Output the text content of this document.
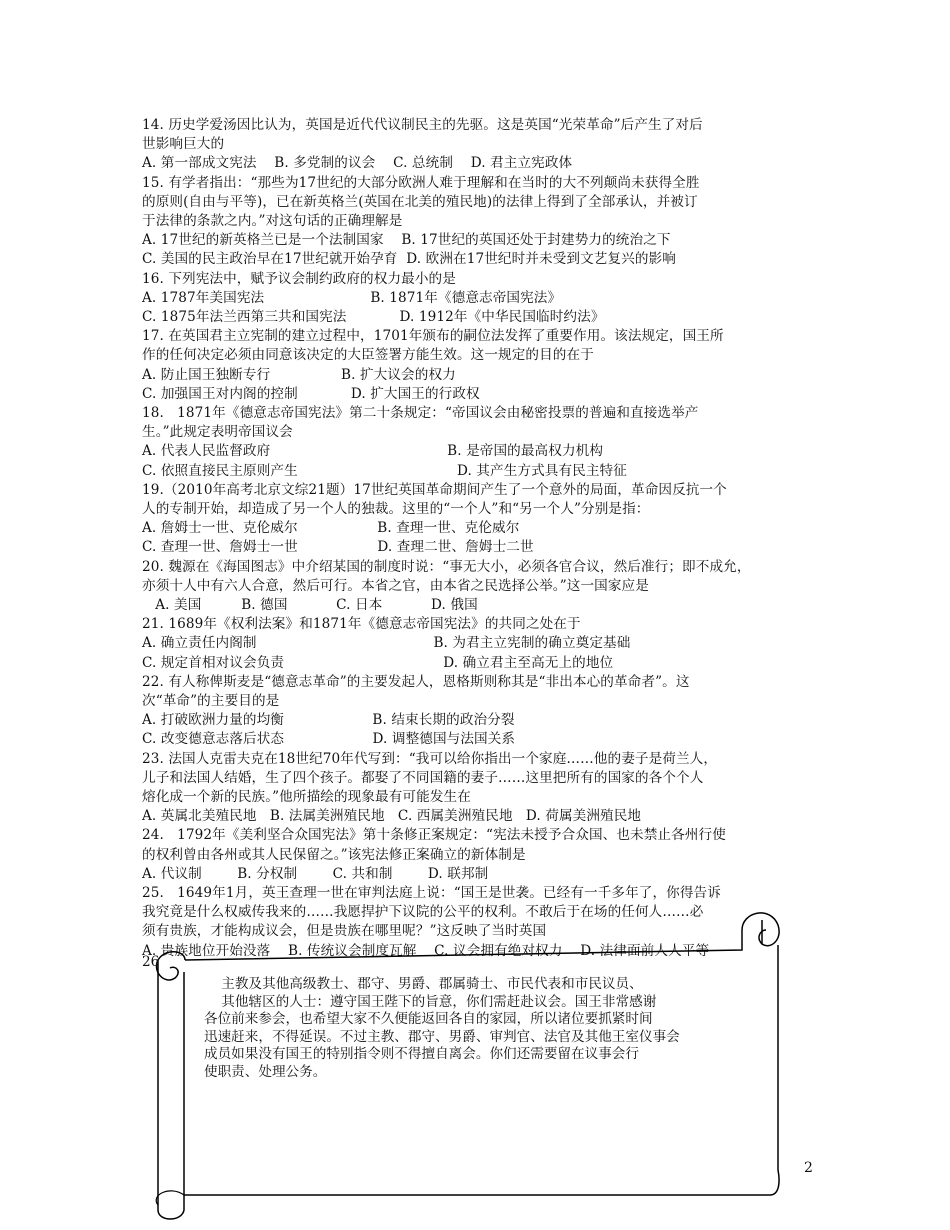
14. 历史学爱汤因比认为，英国是近代代议制民主的先驱。这是英国“光荣革命”后产生了对后
世影响巨大的
A. 第一部成文宪法    B. 多党制的议会    C. 总统制    D. 君主立宪政体
15. 有学者指出：“那些为17世纪的大部分欧洲人难于理解和在当时的大不列颠尚未获得全胜
的原则(自由与平等)，已在新英格兰(英国在北美的殖民地)的法律上得到了全部承认，并被订
于法律的条款之内。”对这句话的正确理解是
A. 17世纪的新英格兰已是一个法制国家    B. 17世纪的英国还处于封建势力的统治之下
C. 美国的民主政治早在17世纪就开始孕育  D. 欧洲在17世纪时并未受到文艺复兴的影响
16. 下列宪法中，赋予议会制约政府的权力最小的是
A. 1787年美国宪法                        B. 1871年《德意志帝国宪法》
C. 1875年法兰西第三共和国宪法            D. 1912年《中华民国临时约法》
17. 在英国君主立宪制的建立过程中，1701年颁布的嗣位法发挥了重要作用。该法规定，国王所
作的任何决定必须由同意该决定的大臣签署方能生效。这一规定的目的在于
A. 防止国王独断专行                B. 扩大议会的权力
C. 加强国王对内阁的控制            D. 扩大国王的行政权
18.   1871年《德意志帝国宪法》第二十条规定：“帝国议会由秘密投票的普遍和直接选举产
生。”此规定表明帝国议会
A. 代表人民监督政府                                        B. 是帝国的最高权力机构
C. 依照直接民主原则产生                                    D. 其产生方式具有民主特征
19.（2010年高考北京文综21题）17世纪英国革命期间产生了一个意外的局面，革命因反抗一个
人的专制开始，却造成了另一个人的独裁。这里的“一个人”和“另一个人”分别是指：
A. 詹姆士一世、克伦威尔                  B. 查理一世、克伦威尔
C. 查理一世、詹姆士一世                  D. 查理二世、詹姆士二世
20. 魏源在《海国图志》中介绍某国的制度时说：“事无大小，必须各官合议，然后准行；即不成允，
亦须十人中有六人合意，然后可行。本省之官，由本省之民选择公举。”这一国家应是
A. 美国         B. 德国           C. 日本           D. 俄国
21. 1689年《权利法案》和1871年《德意志帝国宪法》的共同之处在于
A. 确立责任内阁制                                        B. 为君主立宪制的确立奠定基础
C. 规定首相对议会负责                                    D. 确立君主至高无上的地位
22. 有人称俾斯麦是“德意志革命”的主要发起人，恩格斯则称其是“非出本心的革命者”。这
次“革命”的主要目的是
A. 打破欧洲力量的均衡                    B. 结束长期的政治分裂
C. 改变德意志落后状态                    D. 调整德国与法国关系
23. 法国人克雷夫克在18世纪70年代写到：“我可以给你指出一个家庭……他的妻子是荷兰人，
儿子和法国人结婚，生了四个孩子。都娶了不同国籍的妻子……这里把所有的国家的各个个人
熔化成一个新的民族。”他所描绘的现象最有可能发生在
A. 英属北美殖民地   B. 法属美洲殖民地   C. 西属美洲殖民地   D. 荷属美洲殖民地
24.   1792年《美利坚合众国宪法》第十条修正案规定：“宪法未授予合众国、也未禁止各州行使
的权利曾由各州或其人民保留之。”该宪法修正案确立的新体制是
A. 代议制        B. 分权制        C. 共和制        D. 联邦制
25.   1649年1月，英王查理一世在审判法庭上说：“国王是世袭。已经有一千多年了，你得告诉
我究竟是什么权威传我来的……我愿捍护下议院的公平的权利。不敢后于在场的任何人……必
须有贵族，才能构成议会，但是贵族在哪里呢？”这反映了当时英国
A. 贵族地位开始没落    B. 传统议会制度瓦解    C. 议会拥有绝对权力    D. 法律面前人人平等
主教及其他高级教士、郡守、男爵、郡属骑士、市民代表和市民议员、
其他辖区的人士：遵守国王陛下的旨意，你们需赶赴议会。国王非常感谢
各位前来参会，也希望大家不久便能返回各自的家园，所以诸位要抓紧时间
迅速赶来，不得延误。不过主教、郡守、男爵、审判官、法官及其他王室仪事会
成员如果没有国王的特别指令则不得擅自离会。你们还需要留在议事会行
使职责、处理公务。
26
2
